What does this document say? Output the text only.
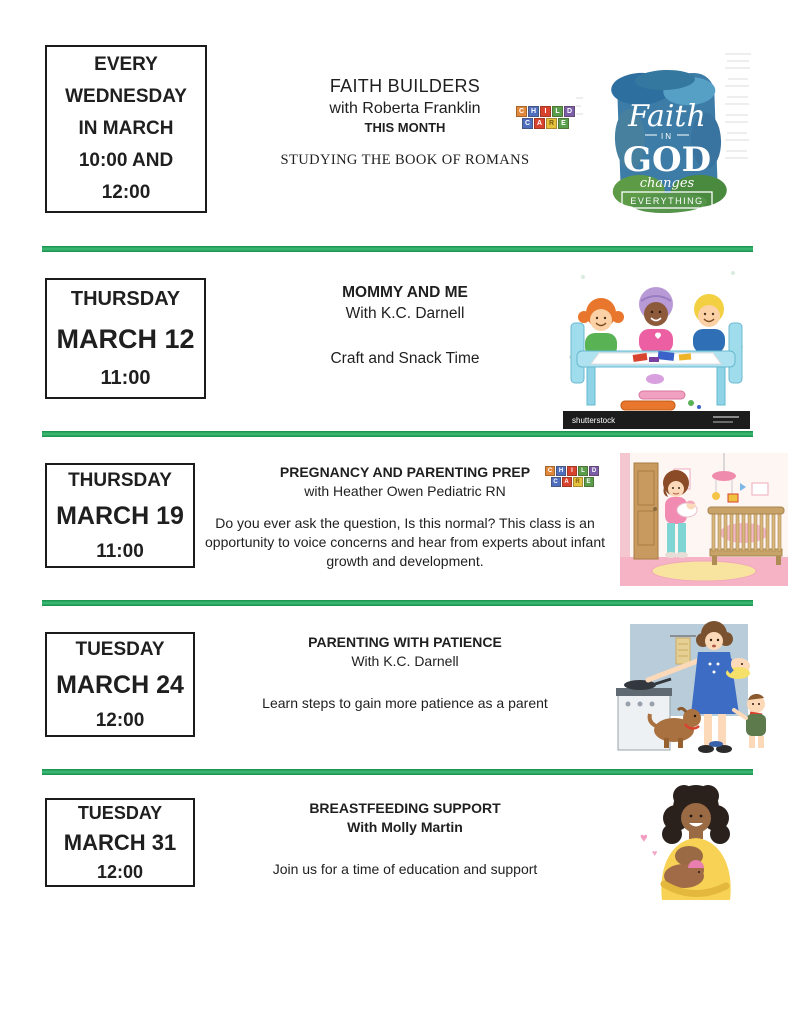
EVERY
WEDNESDAY
IN MARCH
10:00 AND
12:00
FAITH BUILDERS
with Roberta Franklin
THIS MONTH
STUDYING THE BOOK OF ROMANS
C H	I	L	D
C A R	E Faith
IN
GOD
changes
EVERYTHING
THURSDAY
MARCH 12
11:00
MOMMY AND ME
With K.C. Darnell
Craft and Snack Time
shutterstock
THURSDAY
MARCH 19
11:00
PREGNANCY AND PARENTING PREP
with Heather Owen Pediatric RN
Do you ever ask the question, Is this normal? This class is an opportunity to voice concerns and hear from experts about infant growth and development.
C	H	I	L	D
C	A	R	E
TUESDAY
MARCH 24
12:00
PARENTING WITH PATIENCE
With K.C. Darnell
Learn steps to gain more patience as a parent
TUESDAY
MARCH 31
12:00
BREASTFEEDING SUPPORT
With Molly Martin
Join us for a time of education and support
♥
♥
